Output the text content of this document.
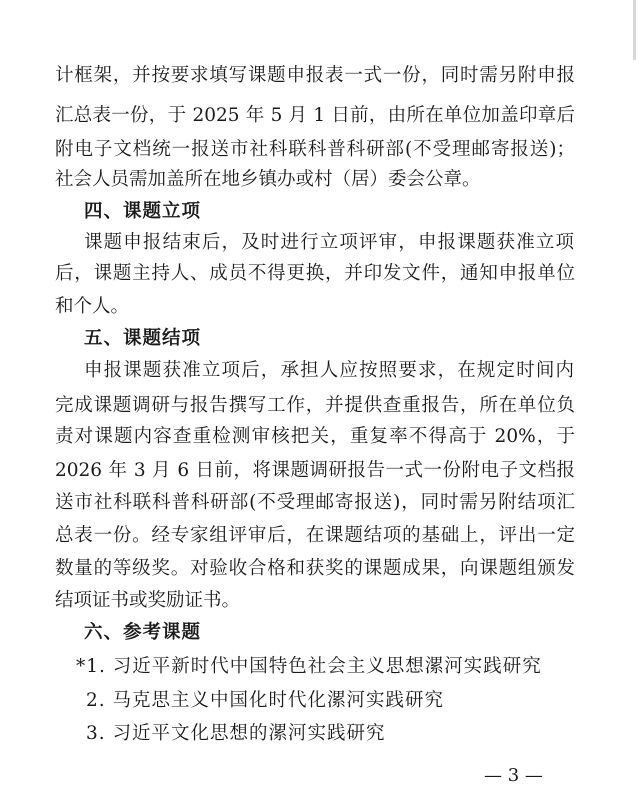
计框架，并按要求填写课题申报表一式一份，同时需另附申报
汇总表一份，于 2025 年 5 月 1 日前，由所在单位加盖印章后
附电子文档统一报送市社科联科普科研部(不受理邮寄报送)；
社会人员需加盖所在地乡镇办或村（居）委会公章。
四、课题立项
课题申报结束后，及时进行立项评审，申报课题获准立项
后，课题主持人、成员不得更换，并印发文件，通知申报单位
和个人。
五、课题结项
申报课题获准立项后，承担人应按照要求，在规定时间内
完成课题调研与报告撰写工作，并提供查重报告，所在单位负
责对课题内容查重检测审核把关，重复率不得高于 20%，于
2026 年 3 月 6 日前，将课题调研报告一式一份附电子文档报
送市社科联科普科研部(不受理邮寄报送)，同时需另附结项汇
总表一份。经专家组评审后，在课题结项的基础上，评出一定
数量的等级奖。对验收合格和获奖的课题成果，向课题组颁发
结项证书或奖励证书。
六、参考课题
*1. 习近平新时代中国特色社会主义思想漯河实践研究
2. 马克思主义中国化时代化漯河实践研究
3. 习近平文化思想的漯河实践研究
— 3 —
